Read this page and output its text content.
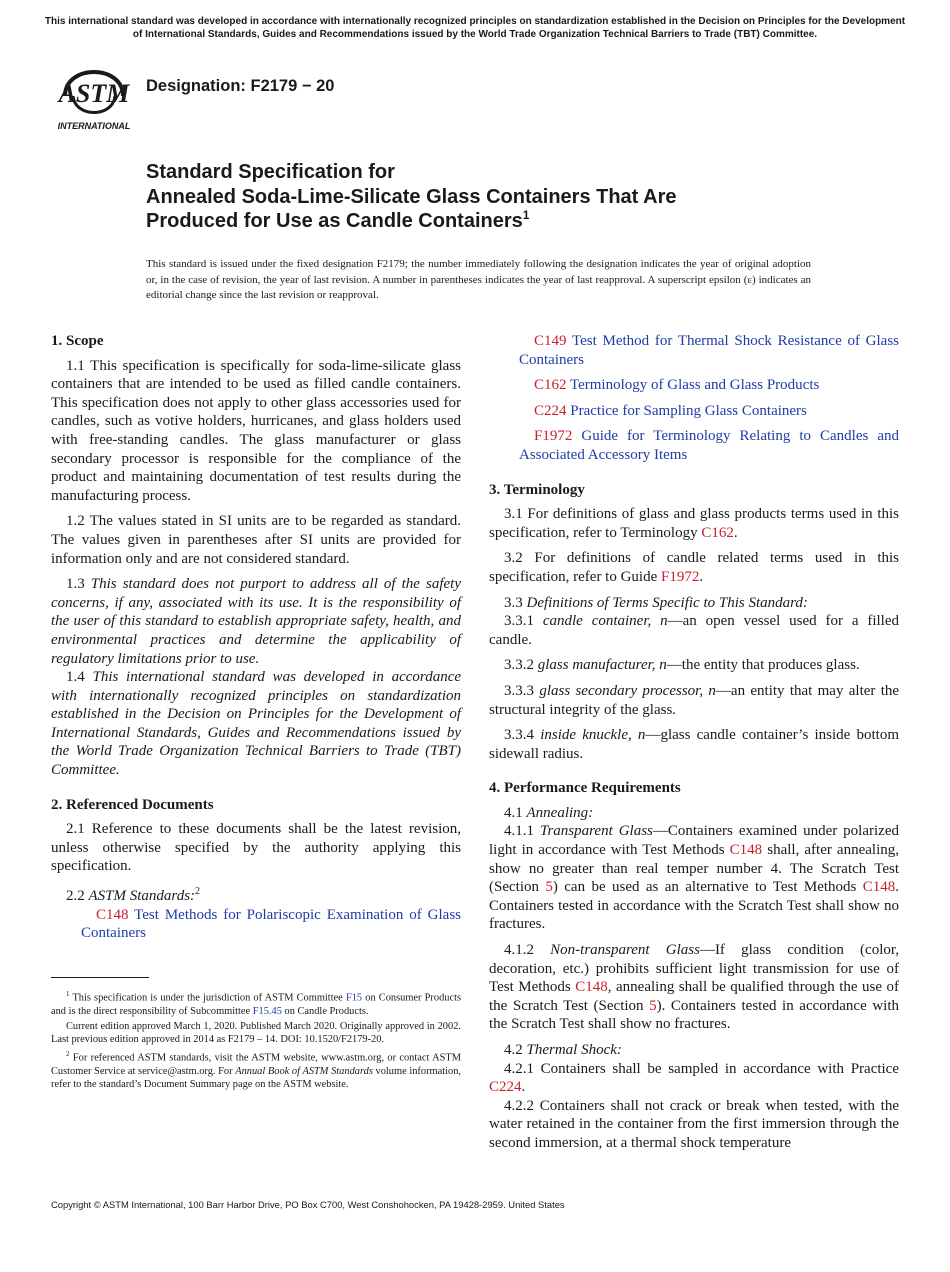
This international standard was developed in accordance with internationally recognized principles on standardization established in the Decision on Principles for the Development of International Standards, Guides and Recommendations issued by the World Trade Organization Technical Barriers to Trade (TBT) Committee.
ASTM
INTERNATIONAL
Designation: F2179 − 20
Standard Specification for
Annealed Soda-Lime-Silicate Glass Containers That Are
Produced for Use as Candle Containers$^1$

This standard is issued under the fixed designation F2179; the number immediately following the designation indicates the year of original adoption or, in the case of revision, the year of last revision. A number in parentheses indicates the year of last reapproval. A superscript epsilon (ε) indicates an editorial change since the last revision or reapproval.

1. Scope

1.1 This specification is specifically for soda-lime-silicate glass containers that are intended to be used as filled candle containers. This specification does not apply to other glass accessories used for candles, such as votive holders, hurricanes, and glass holders used with free-standing candles. The glass manufacturer or glass secondary processor is responsible for the compliance of the product and maintaining documentation of test results during the manufacturing process.

1.2 The values stated in SI units are to be regarded as standard. The values given in parentheses after SI units are provided for information only and are not considered standard.

1.3 This standard does not purport to address all of the safety concerns, if any, associated with its use. It is the responsibility of the user of this standard to establish appropriate safety, health, and environmental practices and determine the applicability of regulatory limitations prior to use.

1.4 This international standard was developed in accordance with internationally recognized principles on standardization established in the Decision on Principles for the Development of International Standards, Guides and Recommendations issued by the World Trade Organization Technical Barriers to Trade (TBT) Committee.

2. Referenced Documents

2.1 Reference to these documents shall be the latest revision, unless otherwise specified by the authority applying this specification.

2.2 ASTM Standards:$^2$

C148 Test Methods for Polariscopic Examination of Glass Containers

$^1$ This specification is under the jurisdiction of ASTM Committee F15 on Consumer Products and is the direct responsibility of Subcommittee F15.45 on Candle Products.

Current edition approved March 1, 2020. Published March 2020. Originally approved in 2002. Last previous edition approved in 2014 as F2179 – 14. DOI: 10.1520/F2179-20.

$^2$ For referenced ASTM standards, visit the ASTM website, www.astm.org, or contact ASTM Customer Service at service@astm.org. For Annual Book of ASTM Standards volume information, refer to the standard’s Document Summary page on the ASTM website.

C149 Test Method for Thermal Shock Resistance of Glass Containers

C162 Terminology of Glass and Glass Products

C224 Practice for Sampling Glass Containers

F1972 Guide for Terminology Relating to Candles and Associated Accessory Items

3. Terminology

3.1 For definitions of glass and glass products terms used in this specification, refer to Terminology C162.

3.2 For definitions of candle related terms used in this specification, refer to Guide F1972.

3.3 Definitions of Terms Specific to This Standard:

3.3.1 candle container, n—an open vessel used for a filled candle.

3.3.2 glass manufacturer, n—the entity that produces glass.

3.3.3 glass secondary processor, n—an entity that may alter the structural integrity of the glass.

3.3.4 inside knuckle, n—glass candle container’s inside bottom sidewall radius.

4. Performance Requirements

4.1 Annealing:

4.1.1 Transparent Glass—Containers examined under polarized light in accordance with Test Methods C148 shall, after annealing, show no greater than real temper number 4. The Scratch Test (Section 5) can be used as an alternative to Test Methods C148. Containers tested in accordance with the Scratch Test shall show no fractures.

4.1.2 Non-transparent Glass—If glass condition (color, decoration, etc.) prohibits sufficient light transmission for use of Test Methods C148, annealing shall be qualified through the use of the Scratch Test (Section 5). Containers tested in accordance with the Scratch Test shall show no fractures.

4.2 Thermal Shock:

4.2.1 Containers shall be sampled in accordance with Practice C224.

4.2.2 Containers shall not crack or break when tested, with the water retained in the container from the first immersion through the second immersion, at a thermal shock temperature

Copyright © ASTM International, 100 Barr Harbor Drive, PO Box C700, West Conshohocken, PA 19428-2959. United States
